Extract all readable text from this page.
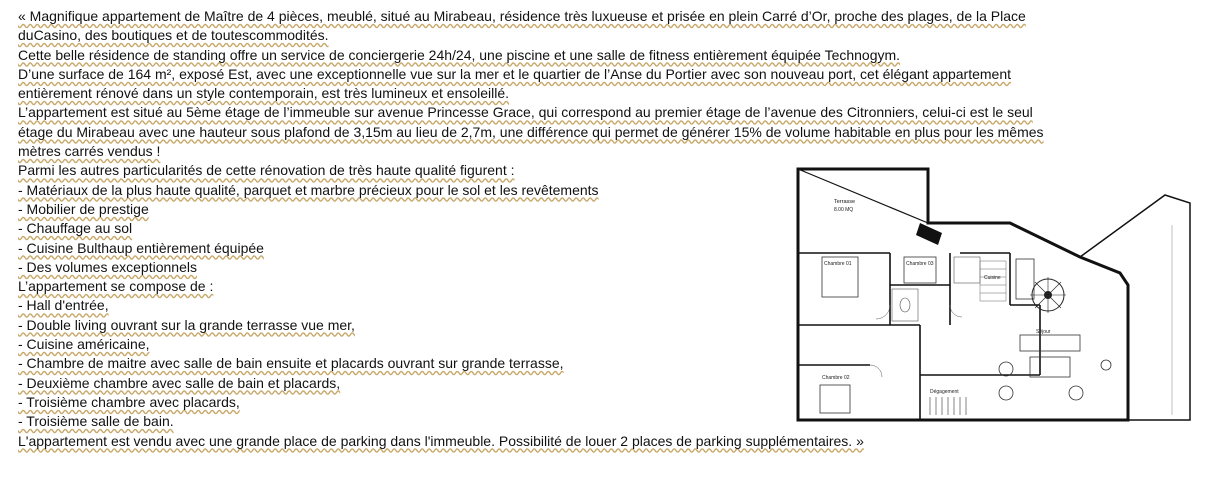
« Magnifique appartement de Maître de 4 pièces, meublé, situé au Mirabeau, résidence très luxueuse et prisée en plein Carré d’Or, proche des plages, de la Place
duCasino, des boutiques et de toutescommodités.
Cette belle résidence de standing offre un service de conciergerie 24h/24, une piscine et une salle de fitness entièrement équipée Technogym.
D’une surface de 164 m², exposé Est, avec une exceptionnelle vue sur la mer et le quartier de l’Anse du Portier avec son nouveau port, cet élégant appartement
entièrement rénové dans un style contemporain, est très lumineux et ensoleillé.
L’appartement est situé au 5ème étage de l’immeuble sur avenue Princesse Grace, qui correspond au premier étage de l’avenue des Citronniers, celui-ci est le seul
étage du Mirabeau avec une hauteur sous plafond de 3,15m au lieu de 2,7m, une différence qui permet de générer 15% de volume habitable en plus pour les mêmes
mètres carrés vendus !
Parmi les autres particularités de cette rénovation de très haute qualité figurent :
- Matériaux de la plus haute qualité, parquet et marbre précieux pour le sol et les revêtements
- Mobilier de prestige
- Chauffage au sol
- Cuisine Bulthaup entièrement équipée
- Des volumes exceptionnels
L’appartement se compose de :
- Hall d'entrée,
- Double living ouvrant sur la grande terrasse vue mer,
- Cuisine américaine,
- Chambre de maitre avec salle de bain ensuite et placards ouvrant sur grande terrasse,
- Deuxième chambre avec salle de bain et placards,
- Troisième chambre avec placards,
- Troisième salle de bain.
L'appartement est vendu avec une grande place de parking dans l'immeuble. Possibilité de louer 2 places de parking supplémentaires. »
Terrasse
8.00 MQ
Chambre 01
Chambre 02
Chambre 03
Cuisine
Séjour
Dégagement
